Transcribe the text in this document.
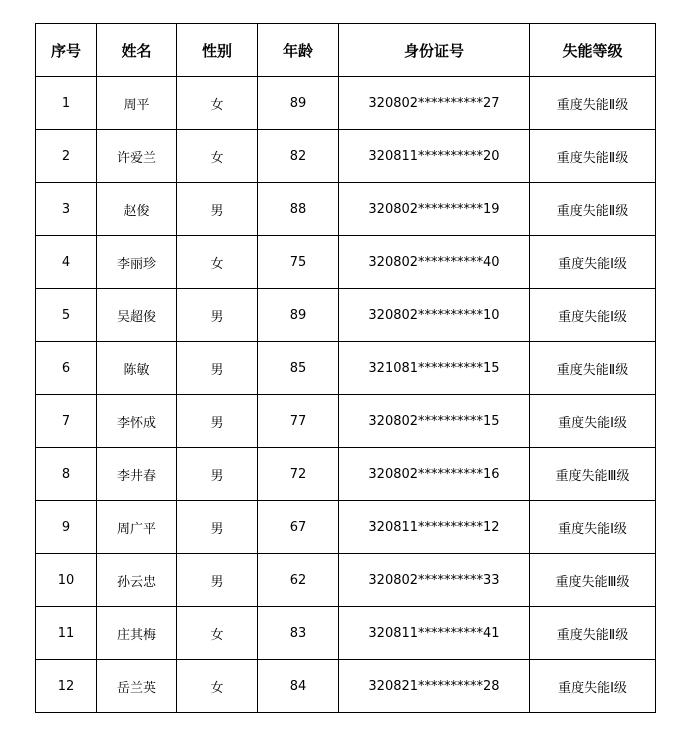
序号	姓名	性别	年龄	身份证号	失能等级
1	周平	女	89	320802**********27	重度失能Ⅱ级
2	许爱兰	女	82	320811**********20	重度失能Ⅱ级
3	赵俊	男	88	320802**********19	重度失能Ⅱ级
4	李丽珍	女	75	320802**********40	重度失能Ⅰ级
5	吴超俊	男	89	320802**********10	重度失能Ⅰ级
6	陈敏	男	85	321081**********15	重度失能Ⅱ级
7	李怀成	男	77	320802**********15	重度失能Ⅰ级
8	李井春	男	72	320802**********16	重度失能Ⅲ级
9	周广平	男	67	320811**********12	重度失能Ⅰ级
10	孙云忠	男	62	320802**********33	重度失能Ⅲ级
11	庄其梅	女	83	320811**********41	重度失能Ⅱ级
12	岳兰英	女	84	320821**********28	重度失能Ⅰ级
